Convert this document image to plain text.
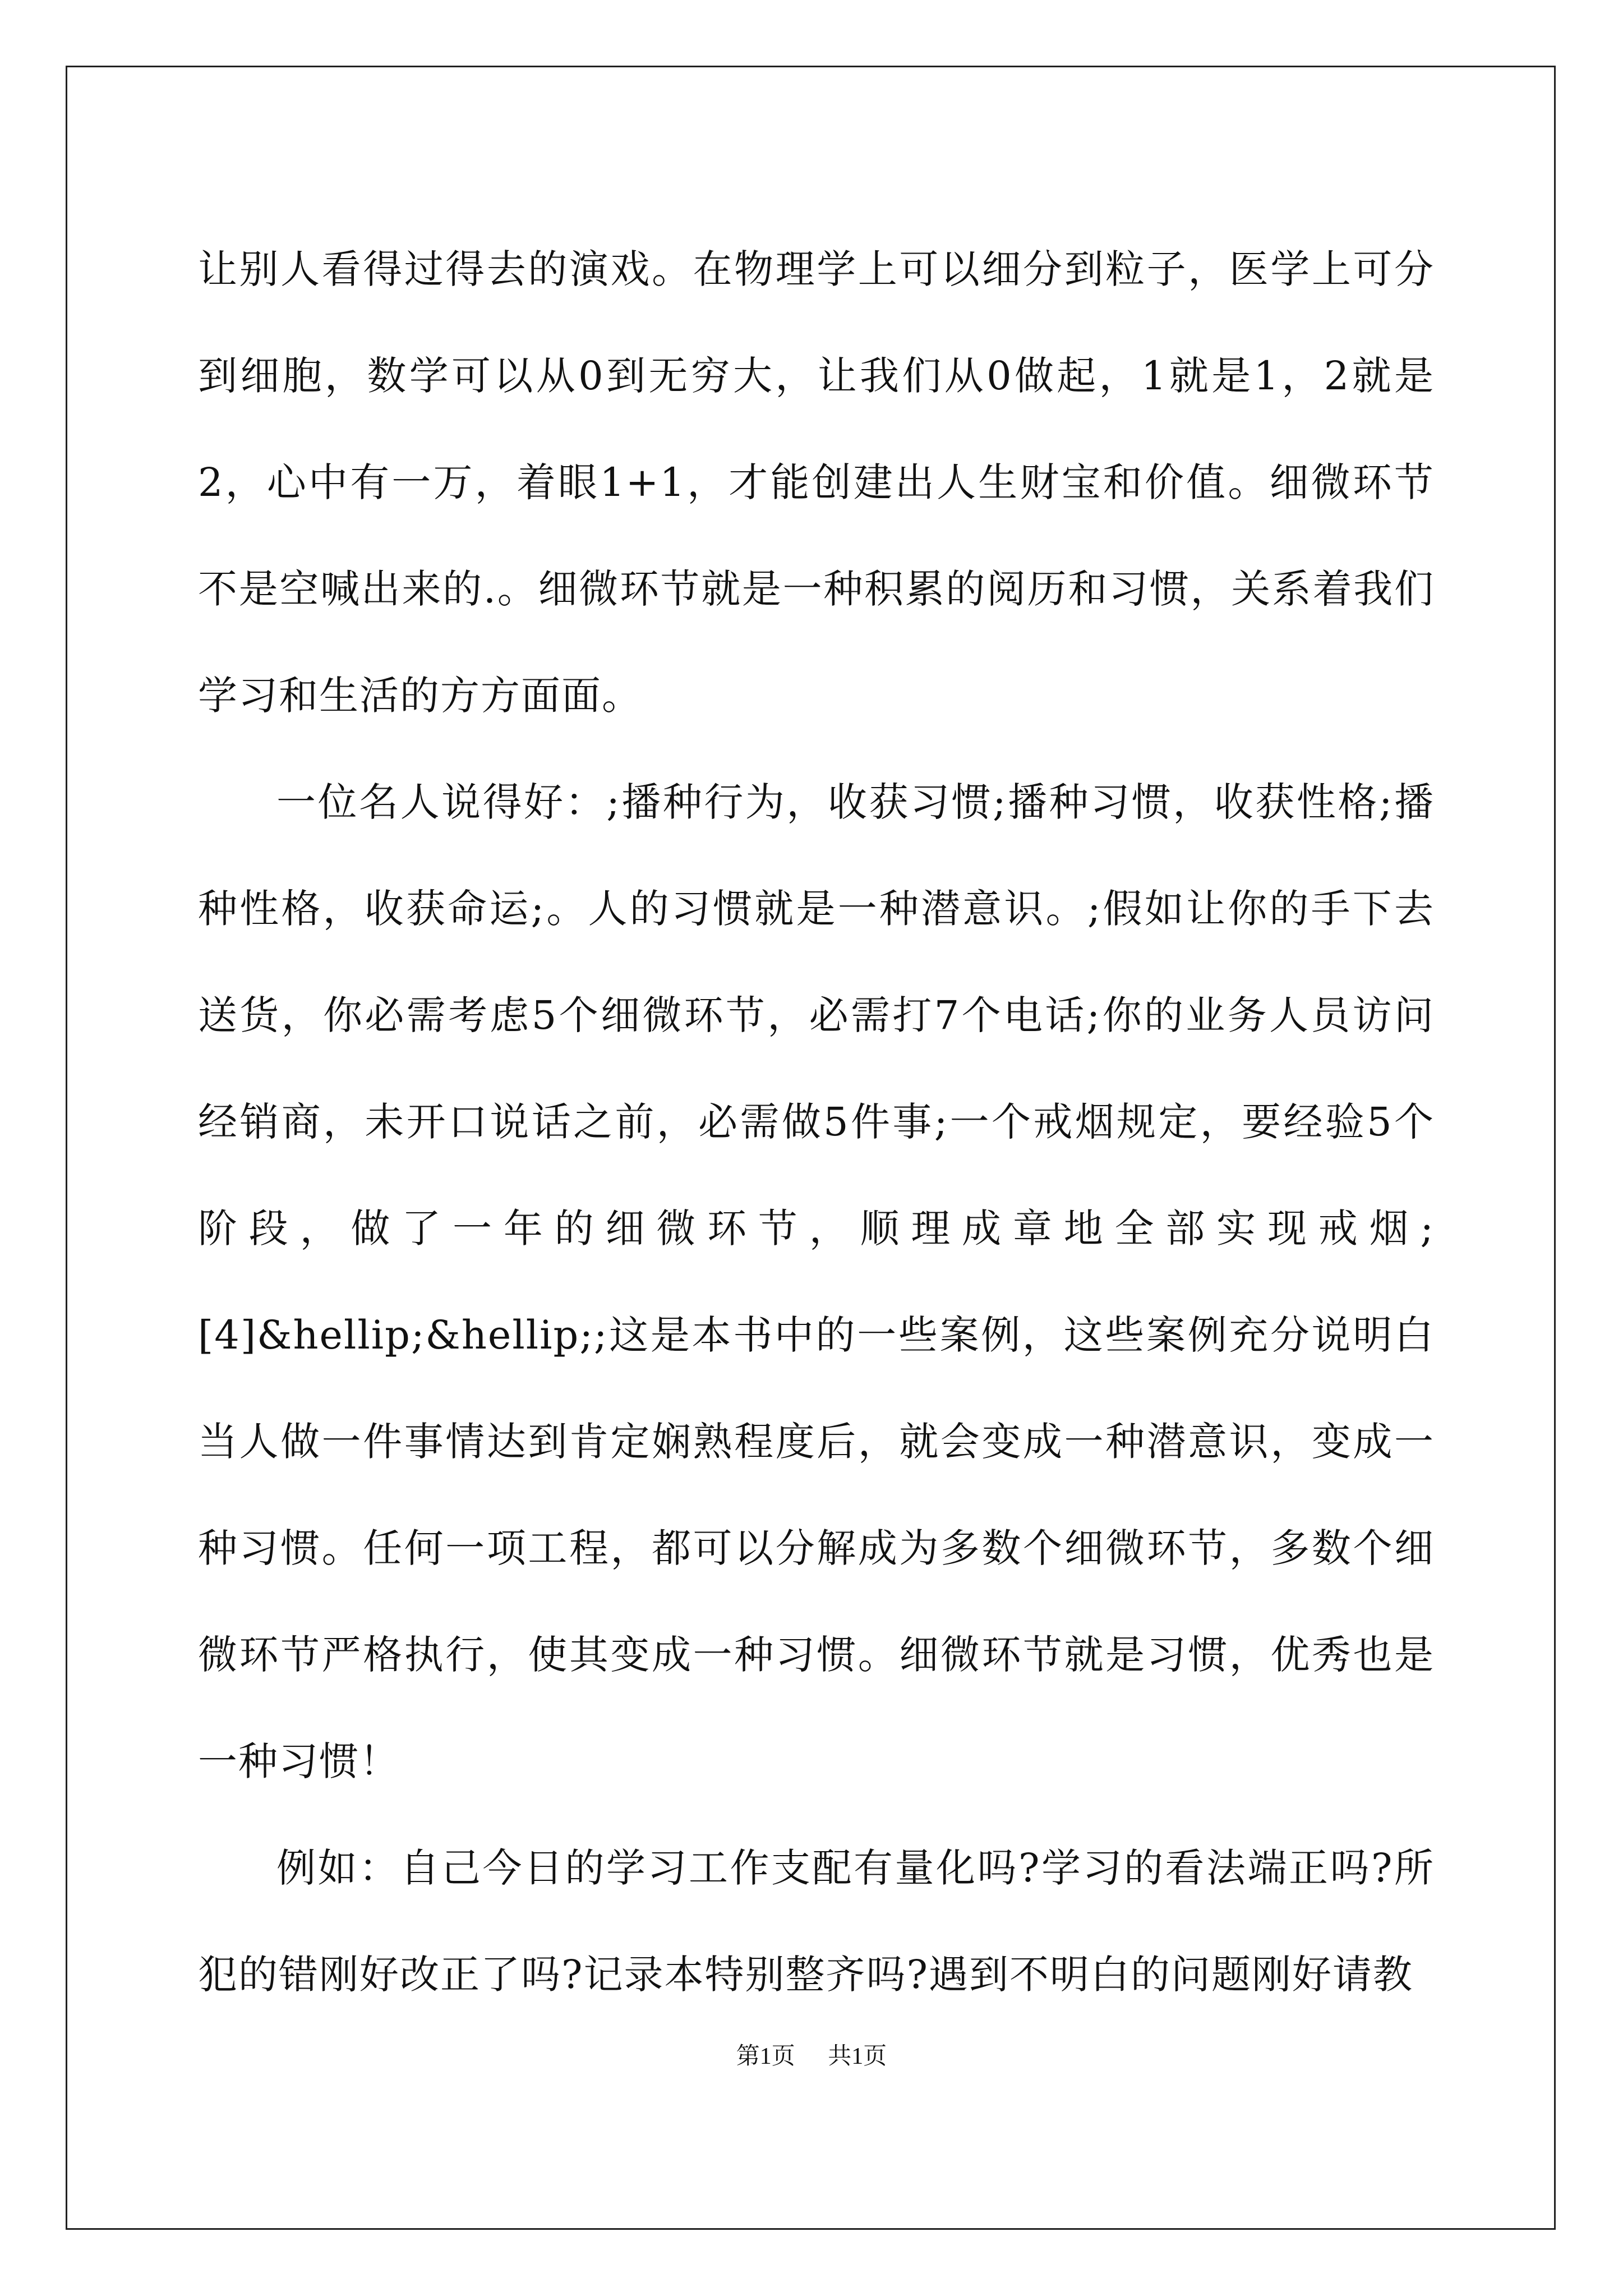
让别人看得过得去的演戏。在物理学上可以细分到粒子，医学上可分到细胞，数学可以从0到无穷大，让我们从0做起，1就是1，2就是2，心中有一万，着眼1+1，才能创建出人生财宝和价值。细微环节不是空喊出来的.。细微环节就是一种积累的阅历和习惯，关系着我们学习和生活的方方面面。

一位名人说得好：;播种行为，收获习惯;播种习惯，收获性格;播种性格，收获命运;。人的习惯就是一种潜意识。;假如让你的手下去送货，你必需考虑5个细微环节，必需打7个电话;你的业务人员访问经销商，未开口说话之前，必需做5件事;一个戒烟规定，要经验5个阶段，做了一年的细微环节，顺理成章地全部实现戒烟;[4]&hellip;&hellip;;这是本书中的一些案例，这些案例充分说明白当人做一件事情达到肯定娴熟程度后，就会变成一种潜意识，变成一种习惯。任何一项工程，都可以分解成为多数个细微环节，多数个细微环节严格执行，使其变成一种习惯。细微环节就是习惯，优秀也是一种习惯！

例如：自己今日的学习工作支配有量化吗?学习的看法端正吗?所犯的错刚好改正了吗?记录本特别整齐吗?遇到不明白的问题刚好请教

第1页 共1页
